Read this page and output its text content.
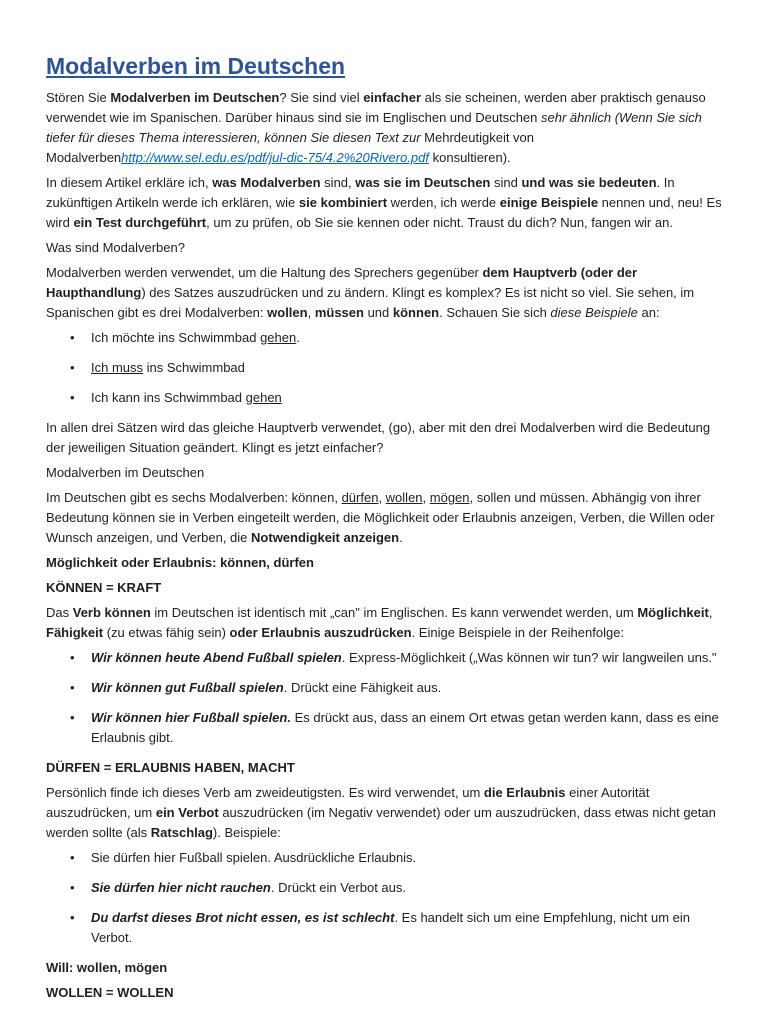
Modalverben im Deutschen

Stören Sie Modalverben im Deutschen? Sie sind viel einfacher als sie scheinen, werden aber praktisch genauso verwendet wie im Spanischen. Darüber hinaus sind sie im Englischen und Deutschen sehr ähnlich (Wenn Sie sich tiefer für dieses Thema interessieren, können Sie diesen Text zur Mehrdeutigkeit von Modalverbenhttp://www.sel.edu.es/pdf/jul-dic-75/4.2%20Rivero.pdf konsultieren).

In diesem Artikel erkläre ich, was Modalverben sind, was sie im Deutschen sind und was sie bedeuten. In zukünftigen Artikeln werde ich erklären, wie sie kombiniert werden, ich werde einige Beispiele nennen und, neu! Es wird ein Test durchgeführt, um zu prüfen, ob Sie sie kennen oder nicht. Traust du dich? Nun, fangen wir an.

Was sind Modalverben?

Modalverben werden verwendet, um die Haltung des Sprechers gegenüber dem Hauptverb (oder der Haupthandlung) des Satzes auszudrücken und zu ändern. Klingt es komplex? Es ist nicht so viel. Sie sehen, im Spanischen gibt es drei Modalverben: wollen, müssen und können. Schauen Sie sich diese Beispiele an:

• Ich möchte ins Schwimmbad gehen.
• Ich muss ins Schwimmbad
• Ich kann ins Schwimmbad gehen

In allen drei Sätzen wird das gleiche Hauptverb verwendet, (go), aber mit den drei Modalverben wird die Bedeutung der jeweiligen Situation geändert. Klingt es jetzt einfacher?

Modalverben im Deutschen

Im Deutschen gibt es sechs Modalverben: können, dürfen, wollen, mögen, sollen und müssen. Abhängig von ihrer Bedeutung können sie in Verben eingeteilt werden, die Möglichkeit oder Erlaubnis anzeigen, Verben, die Willen oder Wunsch anzeigen, und Verben, die Notwendigkeit anzeigen.

Möglichkeit oder Erlaubnis: können, dürfen

KÖNNEN = KRAFT

Das Verb können im Deutschen ist identisch mit „can" im Englischen. Es kann verwendet werden, um Möglichkeit, Fähigkeit (zu etwas fähig sein) oder Erlaubnis auszudrücken. Einige Beispiele in der Reihenfolge:

• Wir können heute Abend Fußball spielen. Express-Möglichkeit („Was können wir tun? wir langweilen uns."
• Wir können gut Fußball spielen. Drückt eine Fähigkeit aus.
• Wir können hier Fußball spielen. Es drückt aus, dass an einem Ort etwas getan werden kann, dass es eine Erlaubnis gibt.

DÜRFEN = ERLAUBNIS HABEN, MACHT

Persönlich finde ich dieses Verb am zweideutigsten. Es wird verwendet, um die Erlaubnis einer Autorität auszudrücken, um ein Verbot auszudrücken (im Negativ verwendet) oder um auszudrücken, dass etwas nicht getan werden sollte (als Ratschlag). Beispiele:

• Sie dürfen hier Fußball spielen. Ausdrückliche Erlaubnis.
• Sie dürfen hier nicht rauchen. Drückt ein Verbot aus.
• Du darfst dieses Brot nicht essen, es ist schlecht. Es handelt sich um eine Empfehlung, nicht um ein Verbot.

Will: wollen, mögen

WOLLEN = WOLLEN
